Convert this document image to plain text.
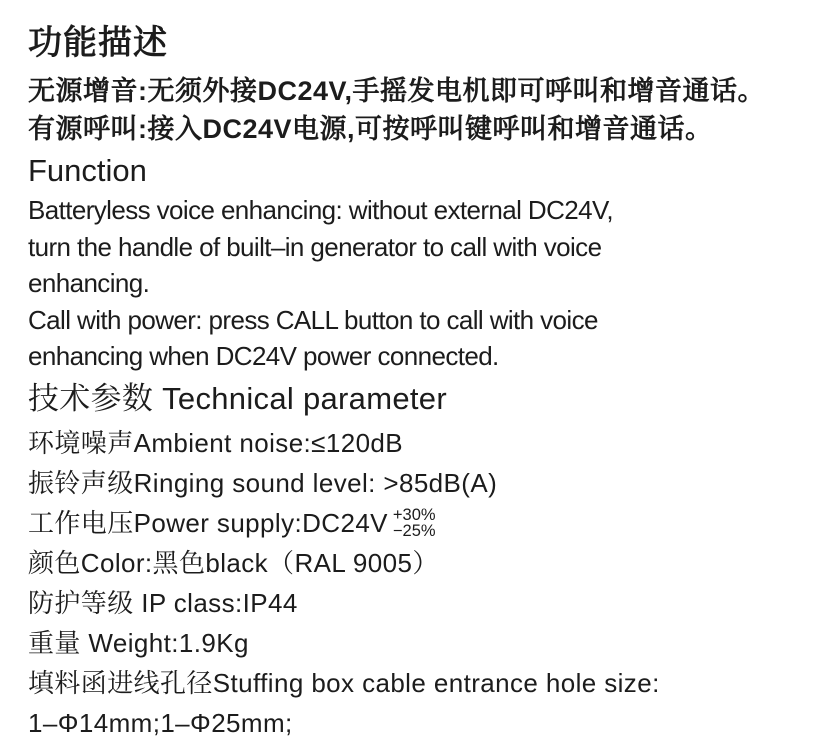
功能描述

无源增音:无须外接DC24V,手摇发电机即可呼叫和增音通话。

有源呼叫:接入DC24V电源,可按呼叫键呼叫和增音通话。

Function

Batteryless voice enhancing: without external DC24V,

turn the handle of built–in generator to call with voice

enhancing.

Call with power: press CALL button to call with voice

enhancing when DC24V power connected.

技术参数 Technical parameter

环境噪声Ambient noise:≤120dB

振铃声级Ringing sound level: >85dB(A)

工作电压Power supply:DC24V +30%
−25%

颜色Color:黑色black（RAL 9005）

防护等级 IP class:IP44

重量 Weight:1.9Kg

填料函进线孔径Stuffing box cable entrance hole size:

1–Φ14mm;1–Φ25mm;
